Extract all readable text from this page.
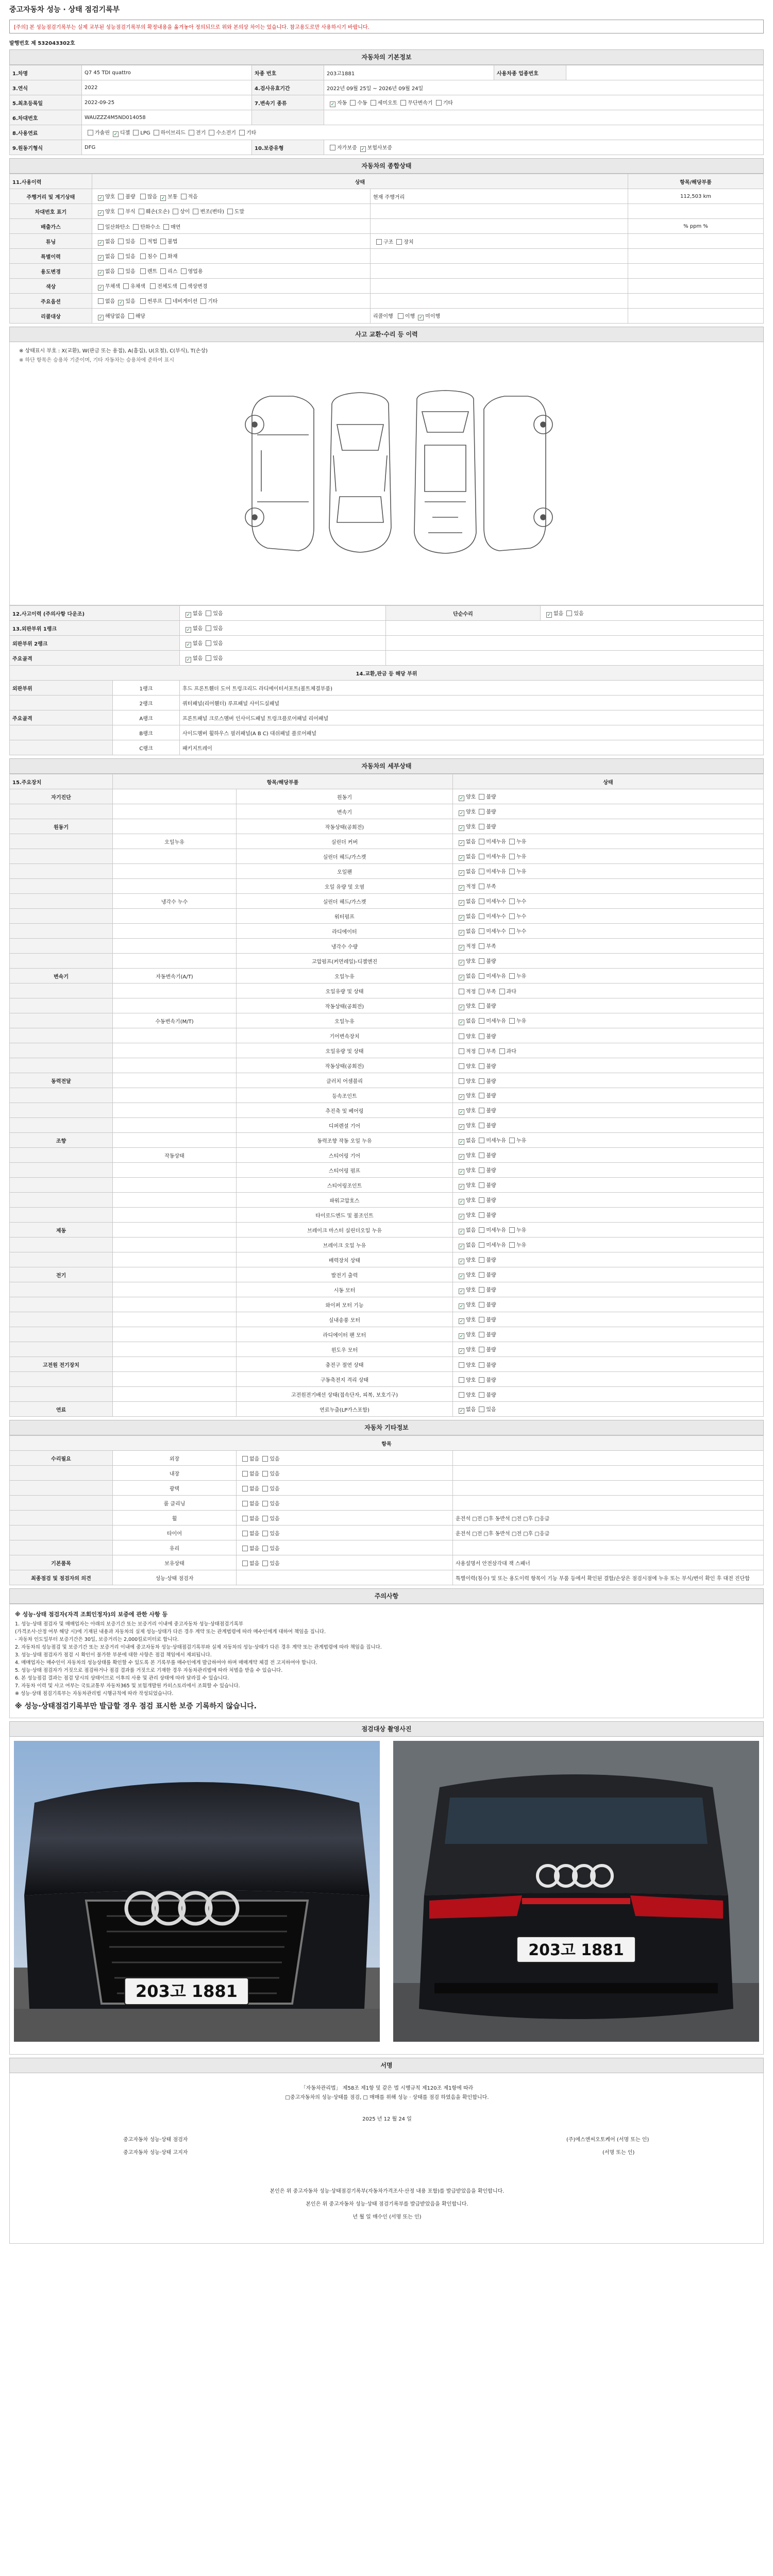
중고자동차 성능 · 상태 점검기록부
[주의] 본 성능점검기록부는 실제 교부된 성능점검기록부의 확정내용을 옮겨놓아 정의되므로 위와 본의상 차이는 었습니다. 참고용도로만 사용하시기 바랍니다.
발행번호 제 532043302호
자동차의 기본정보
1.차명	Q7 45 TDI quattro	차종 번호	203고1881	사용차종 업종번호	
3.연식	2022	4.검사유효기간	2022년 09월 25일 ~ 2026년 09월 24일		
5.최초등록일	2022-09-25	7.변속기 종류	✓ 자동 수동 세미오토 무단변속기 기타		
6.차대번호	WAUZZZ4M5ND014058				
8.사용연료	가솔린 ✓ 디젤 LPG 하이브리드 전기 수소전기 기타				
9.원동기형식	DFG	10.보증유형	자가보증 ✓ 보험사보증		
자동차의 종합상태
11.사용이력	상태		항목/해당부품
주행거리 및 계기상태	✓ 양호 불량 많음 ✓ 보통 적음	현재 주행거리	112,503 km
차대번호 표기	✓ 양호 부식 훼손(오손) 상이 변조(변타) 도말		
배출가스	일산화탄소 탄화수소 매연		% ppm %
튜닝	✓ 없음 있음 적법 불법	구조 장치	
특별이력	✓ 없음 있음 침수 화재		
용도변경	✓ 없음 있음 렌트 리스 영업용		
색상	✓ 무채색 유채색 전체도색 색상변경		
주요옵션	없음 ✓ 있음 썬루프 네비게이션 기타		
리콜대상	✓ 해당없음 해당	리콜이행 이행 ✓ 미이행	
사고 교환·수리 등 이력
※ 상태표시 부호 : X(교환), W(판금 또는 용접), A(흠집), U(요철), C(부식), T(손상)
※ 하단 항목은 승용차 기준이며, 기타 자동차는 승용차에 준하여 표시
12.사고이력 (주의사항 다운조)		✓ 없음 있음	단순수리	✓ 없음 있음
13.외판부위 1랭크		✓ 없음 있음		
외판부위 2랭크		✓ 없음 있음		
주요골격		✓ 없음 있음		
14.교환,판금 등 해당 부위				
외판부위	1랭크	후드 프론트휀더 도어 트렁크리드 라디에이터서포트(볼트체결부품)		
	2랭크	쿼터패널(리어휀더) 루프패널 사이드실패널		
주요골격	A랭크	프론트패널 크로스멤버 인사이드패널 트렁크플로어패널 리어패널		
	B랭크	사이드멤버 휠하우스 필러패널(A B C) 대쉬패널 플로어패널		
	C랭크	패키지트레이		
자동차의 세부상태
15.주요장치	항목/해당부품		상태
자기진단		원동기	✓ 양호 불량
		변속기	✓ 양호 불량
원동기		작동상태(공회전)	✓ 양호 불량
	오일누유	실린더 커버	✓ 없음 미세누유 누유
		실린더 헤드/가스켓	✓ 없음 미세누유 누유
		오일팬	✓ 없음 미세누유 누유
		오일 유량 및 오염	✓ 적정 부족
	냉각수 누수	실린더 헤드/가스켓	✓ 없음 미세누수 누수
		워터펌프	✓ 없음 미세누수 누수
		라디에이터	✓ 없음 미세누수 누수
		냉각수 수량	✓ 적정 부족
		고압펌프(커먼레일)-디젤엔진	✓ 양호 불량
변속기	자동변속기(A/T)	오일누유	✓ 없음 미세누유 누유
		오일유량 및 상태	적정 부족 과다
		작동상태(공회전)	✓ 양호 불량
	수동변속기(M/T)	오일누유	✓ 없음 미세누유 누유
		기어변속장치	양호 불량
		오일유량 및 상태	적정 부족 과다
		작동상태(공회전)	양호 불량
동력전달		클러치 어셈블리	양호 불량
		등속조인트	✓ 양호 불량
		추진축 및 베어링	✓ 양호 불량
		디퍼렌셜 기어	✓ 양호 불량
조향		동력조향 작동 오일 누유	✓ 없음 미세누유 누유
	작동상태	스티어링 기어	✓ 양호 불량
		스티어링 펌프	✓ 양호 불량
		스티어링조인트	✓ 양호 불량
		파워고압호스	✓ 양호 불량
		타이로드엔드 및 볼조인트	✓ 양호 불량
제동		브레이크 마스터 실린더오일 누유	✓ 없음 미세누유 누유
		브레이크 오일 누유	✓ 없음 미세누유 누유
		배력장치 상태	✓ 양호 불량
전기		발전기 출력	✓ 양호 불량
		시동 모터	✓ 양호 불량
		와이퍼 모터 기능	✓ 양호 불량
		실내송풍 모터	✓ 양호 불량
		라디에이터 팬 모터	✓ 양호 불량
		윈도우 모터	✓ 양호 불량
고전원 전기장치		충전구 절연 상태	양호 불량
		구동축전지 격리 상태	양호 불량
		고전원전기배선 상태(접속단자, 피복, 보호기구)	양호 불량
연료		연료누출(LP가스포함)	✓ 없음 있음
자동차 기타정보
항목			
수리필요	외장	없음 있음	
	내장	없음 있음	
	광택	없음 있음	
	룸 클리닝	없음 있음	
	휠	없음 있음	운전석 □전 □후 동반석 □전 □후 □응급
	타이어	없음 있음	운전석 □전 □후 동반석 □전 □후 □응급
	유리	없음 있음	
기본품목	보유상태	없음 있음	사용설명서 안전삼각대 잭 스패너
최종점검 및 점검자의 의견	성능·상태 점검자		특별이력(침수) 및 또는 용도이력 항목이 기능 부품 등에서 확인된 결함/손상은 점검시점에 누유 또는 부식/변이 확인 후 대전 진단함
주의사항

※ 성능·상태 점검자(자격 조회인정자)의 보증에 관한 사항 등

1. 성능·상태 점검자 및 매매업자는 아래의 보증기간 또는 보증거리 이내에 중고자동차 성능·상태점검기록부

(가격조사·산정 여부 해당 시)에 기재된 내용과 자동차의 실제 성능·상태가 다른 경우 계약 또는 관계법령에 따라 매수인에게 대하여 책임을 집니다.

- 자동차 인도일부터 보증기간은 30일, 보증거리는 2,000킬로미터로 합니다.

2. 자동차의 성능점검 및 보증기간 또는 보증거리 이내에 중고자동차 성능·상태점검기록부와 실제 자동차의 성능·상태가 다른 경우 계약 또는 관계법령에 따라 책임을 집니다.

3. 성능·상태 점검자가 점검 시 확인이 불가한 부분에 대한 사항은 점검 책임에서 제외됩니다.

4. 매매업자는 매수인이 자동차의 성능상태를 확인할 수 있도록 본 기록부를 매수인에게 발급하여야 하며 매매계약 체결 전 고지하여야 합니다.

5. 성능·상태 점검자가 거짓으로 점검하거나 점검 결과를 거짓으로 기재한 경우 자동차관리법에 따라 처벌을 받을 수 있습니다.

6. 본 성능점검 결과는 점검 당시의 상태이므로 이후의 사용 및 관리 상태에 따라 달라질 수 있습니다.

7. 자동차 이력 및 사고 여부는 국토교통부 자동차365 및 보험개발원 카히스토리에서 조회할 수 있습니다.

※ 성능·상태 점검기록부는 자동차관리법 시행규칙에 따라 작성되었습니다.

※ 성능·상태점검기록부만 발급할 경우 점검 표시한 보증 기록하지 않습니다.

점검대상 촬영사진
203고 1881
203고 1881
서명
「자동차관리법」 제58조 제1항 및 같은 법 시행규칙 제120조 제1항에 따라
□중고자동차의 성능·상태를 점검, □ 매매를 위해 성능 · 상태를 점검 하였음을 확인합니다.
2025 년 12 월 24 일
중고자동차 성능·상태 점검자	(주)에스엔씨오토케어 (서명 또는 인)
중고자동차 성능·상태 고지자	(서명 또는 인)
본인은 위 중고자동차 성능·상태점검기록부(자동차가격조사·산정 내용 포함)를 발급받았음을 확인합니다.
본인은 위 중고자동차 성능·상태 점검기록부를 발급받았음을 확인합니다.
년 월 일 매수인 (서명 또는 인)
